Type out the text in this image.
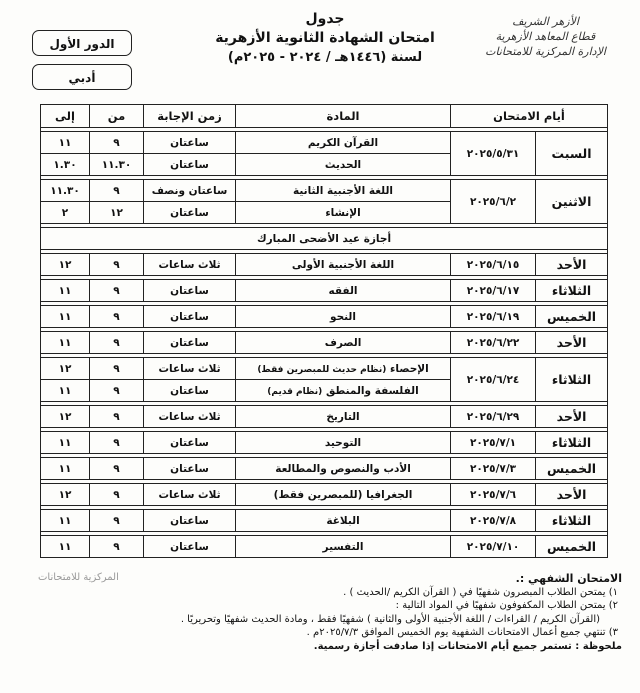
الدور الأول
أدبي
جدول
امتحان الشهادة الثانوية الأزهرية
لسنة (١٤٤٦هـ / ٢٠٢٤ - ٢٠٢٥م)
الأزهر الشريف
قطاع المعاهد الأزهرية
الإدارة المركزية للامتحانات
أيام الامتحان		المادة	زمن الإجابة	من	إلى

السبت	٢٠٢٥/٥/٣١	القرآن الكريم	ساعتان	٩	١١
		الحديث	ساعتان	١١.٣٠	١.٣٠

الاثنين	٢٠٢٥/٦/٢	اللغة الأجنبية الثانية	ساعتان ونصف	٩	١١.٣٠
		الإنشاء	ساعتان	١٢	٢

أجازة عيد الأضحى المبارك					

الأحد	٢٠٢٥/٦/١٥	اللغة الأجنبية الأولى	ثلاث ساعات	٩	١٢

الثلاثاء	٢٠٢٥/٦/١٧	الفقه	ساعتان	٩	١١

الخميس	٢٠٢٥/٦/١٩	النحو	ساعتان	٩	١١

الأحد	٢٠٢٥/٦/٢٢	الصرف	ساعتان	٩	١١

الثلاثاء	٢٠٢٥/٦/٢٤	الإحصاء (نظام حديث للمبصرين فقط)	ثلاث ساعات	٩	١٢
		الفلسفة والمنطق (نظام قديم)	ساعتان	٩	١١

الأحد	٢٠٢٥/٦/٢٩	التاريخ	ثلاث ساعات	٩	١٢

الثلاثاء	٢٠٢٥/٧/١	التوحيد	ساعتان	٩	١١

الخميس	٢٠٢٥/٧/٣	الأدب والنصوص والمطالعة	ساعتان	٩	١١

الأحد	٢٠٢٥/٧/٦	الجغرافيا (للمبصرين فقط)	ثلاث ساعات	٩	١٢

الثلاثاء	٢٠٢٥/٧/٨	البلاغة	ساعتان	٩	١١

الخميس	٢٠٢٥/٧/١٠	التفسير	ساعتان	٩	١١
المركزية للامتحانات	الامتحان الشفهي :.
١) يمتحن الطلاب المبصرون شفهيًا في ( القرآن الكريم /الحديث ) .
٢) يمتحن الطلاب المكفوفون شفهيًا في المواد التالية :
(القرآن الكريم / القراءات / اللغة الأجنبية الأولى والثانية ) شفهيًا فقط ، ومادة الحديث شفهيًا وتحريريًا .
٣) تنتهي جميع أعمال الامتحانات الشفهية يوم الخميس الموافق ٢٠٢٥/٧/٣م .
ملحوظة : تستمر جميع أيام الامتحانات إذا صادفت أجازة رسمية.
